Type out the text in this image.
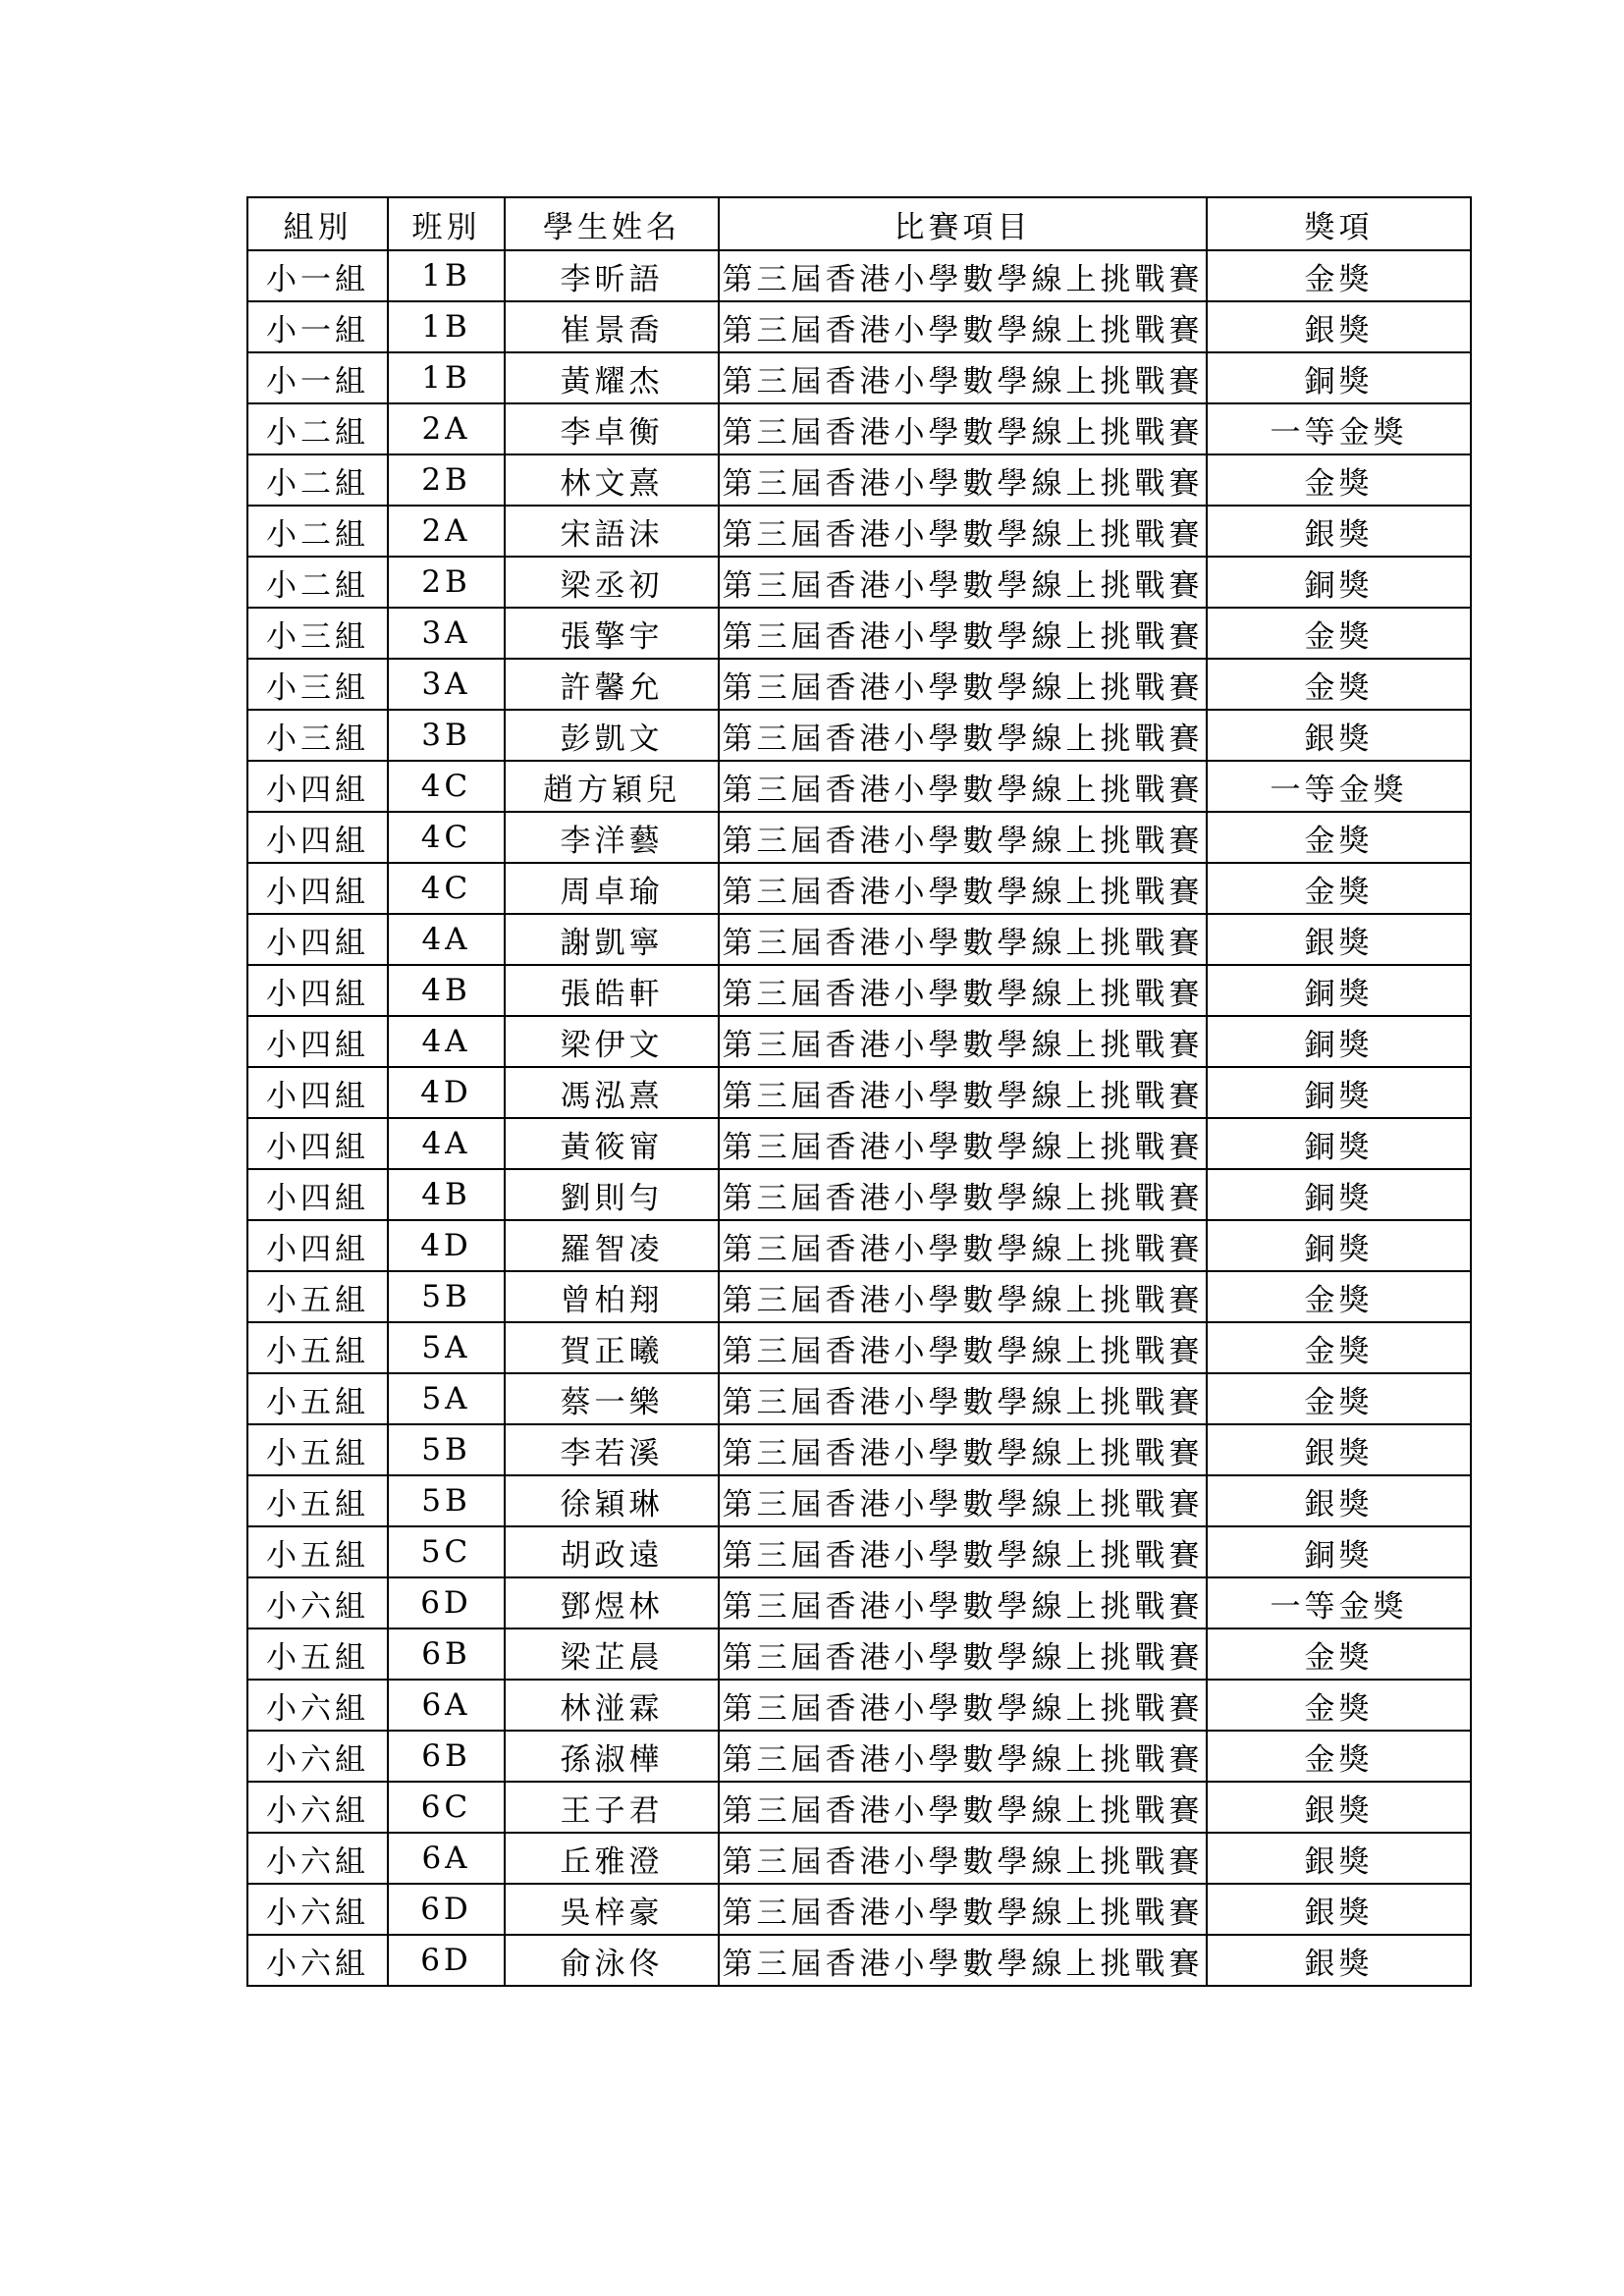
組別	班別	學生姓名	比賽項目	獎項
小一組	1B	李昕語	第三屆香港小學數學線上挑戰賽	金獎
小一組	1B	崔景喬	第三屆香港小學數學線上挑戰賽	銀獎
小一組	1B	黃耀杰	第三屆香港小學數學線上挑戰賽	銅獎
小二組	2A	李卓衡	第三屆香港小學數學線上挑戰賽	一等金獎
小二組	2B	林文熹	第三屆香港小學數學線上挑戰賽	金獎
小二組	2A	宋語沫	第三屆香港小學數學線上挑戰賽	銀獎
小二組	2B	梁丞初	第三屆香港小學數學線上挑戰賽	銅獎
小三組	3A	張擎宇	第三屆香港小學數學線上挑戰賽	金獎
小三組	3A	許馨允	第三屆香港小學數學線上挑戰賽	金獎
小三組	3B	彭凱文	第三屆香港小學數學線上挑戰賽	銀獎
小四組	4C	趙方穎兒	第三屆香港小學數學線上挑戰賽	一等金獎
小四組	4C	李洋藝	第三屆香港小學數學線上挑戰賽	金獎
小四組	4C	周卓瑜	第三屆香港小學數學線上挑戰賽	金獎
小四組	4A	謝凱寧	第三屆香港小學數學線上挑戰賽	銀獎
小四組	4B	張皓軒	第三屆香港小學數學線上挑戰賽	銅獎
小四組	4A	梁伊文	第三屆香港小學數學線上挑戰賽	銅獎
小四組	4D	馮泓熹	第三屆香港小學數學線上挑戰賽	銅獎
小四組	4A	黃筱甯	第三屆香港小學數學線上挑戰賽	銅獎
小四組	4B	劉則勻	第三屆香港小學數學線上挑戰賽	銅獎
小四組	4D	羅智凌	第三屆香港小學數學線上挑戰賽	銅獎
小五組	5B	曾柏翔	第三屆香港小學數學線上挑戰賽	金獎
小五組	5A	賀正曦	第三屆香港小學數學線上挑戰賽	金獎
小五組	5A	蔡一樂	第三屆香港小學數學線上挑戰賽	金獎
小五組	5B	李若溪	第三屆香港小學數學線上挑戰賽	銀獎
小五組	5B	徐穎琳	第三屆香港小學數學線上挑戰賽	銀獎
小五組	5C	胡政遠	第三屆香港小學數學線上挑戰賽	銅獎
小六組	6D	鄧煜林	第三屆香港小學數學線上挑戰賽	一等金獎
小五組	6B	梁芷晨	第三屆香港小學數學線上挑戰賽	金獎
小六組	6A	林湴霖	第三屆香港小學數學線上挑戰賽	金獎
小六組	6B	孫淑樺	第三屆香港小學數學線上挑戰賽	金獎
小六組	6C	王子君	第三屆香港小學數學線上挑戰賽	銀獎
小六組	6A	丘雅澄	第三屆香港小學數學線上挑戰賽	銀獎
小六組	6D	吳梓豪	第三屆香港小學數學線上挑戰賽	銀獎
小六組	6D	俞泳佟	第三屆香港小學數學線上挑戰賽	銀獎
